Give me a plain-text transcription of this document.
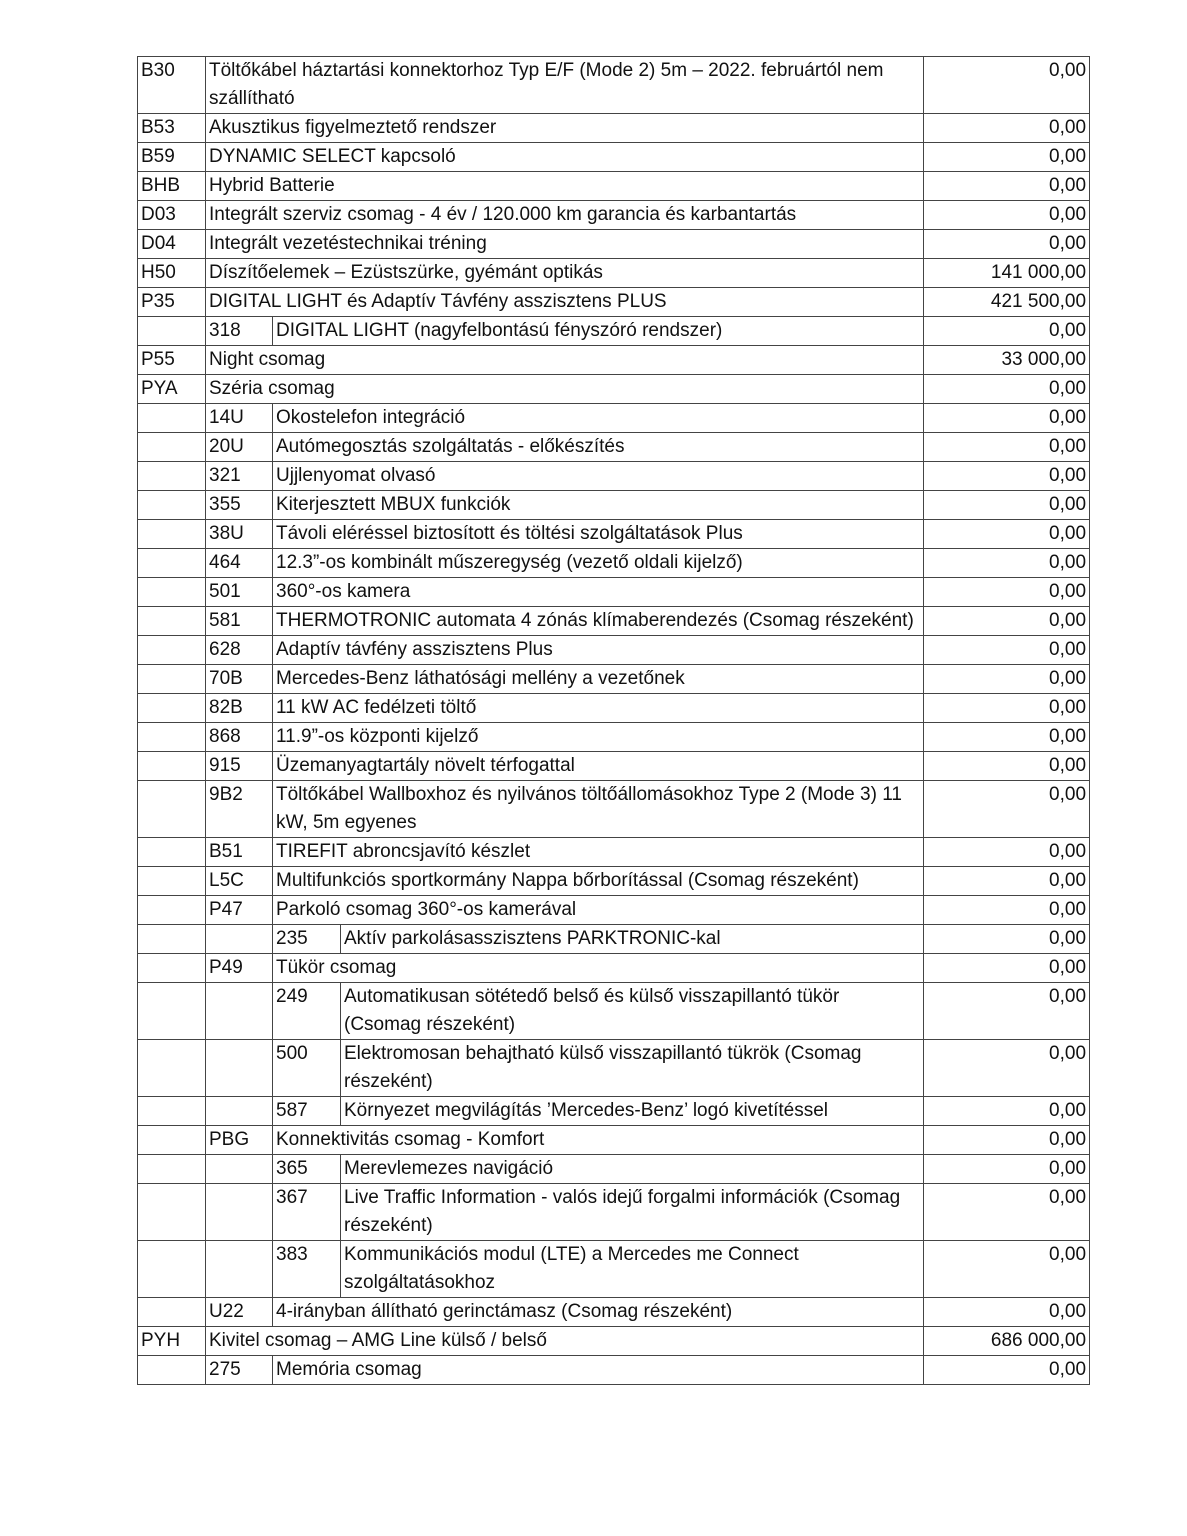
B30	Töltőkábel háztartási konnektorhoz Typ E/F (Mode 2) 5m – 2022. februártól nem szállítható			0,00
B53	Akusztikus figyelmeztető rendszer			0,00
B59	DYNAMIC SELECT kapcsoló			0,00
BHB	Hybrid Batterie			0,00
D03	Integrált szerviz csomag - 4 év / 120.000 km garancia és karbantartás			0,00
D04	Integrált vezetéstechnikai tréning			0,00
H50	Díszítőelemek – Ezüstszürke, gyémánt optikás			141 000,00
P35	DIGITAL LIGHT és Adaptív Távfény asszisztens PLUS			421 500,00
	318	DIGITAL LIGHT (nagyfelbontású fényszóró rendszer)		0,00
P55	Night csomag			33 000,00
PYA	Széria csomag			0,00
	14U	Okostelefon integráció		0,00
	20U	Autómegosztás szolgáltatás - előkészítés		0,00
	321	Ujjlenyomat olvasó		0,00
	355	Kiterjesztett MBUX funkciók		0,00
	38U	Távoli eléréssel biztosított és töltési szolgáltatások Plus		0,00
	464	12.3”-os kombinált műszeregység (vezető oldali kijelző)		0,00
	501	360°-os kamera		0,00
	581	THERMOTRONIC automata 4 zónás klímaberendezés (Csomag részeként)		0,00
	628	Adaptív távfény asszisztens Plus		0,00
	70B	Mercedes-Benz láthatósági mellény a vezetőnek		0,00
	82B	11 kW AC fedélzeti töltő		0,00
	868	11.9”-os központi kijelző		0,00
	915	Üzemanyagtartály növelt térfogattal		0,00
	9B2	Töltőkábel Wallboxhoz és nyilvános töltőállomásokhoz Type 2 (Mode 3) 11 kW, 5m egyenes		0,00
	B51	TIREFIT abroncsjavító készlet		0,00
	L5C	Multifunkciós sportkormány Nappa bőrborítással (Csomag részeként)		0,00
	P47	Parkoló csomag 360°-os kamerával		0,00
		235	Aktív parkolásasszisztens PARKTRONIC-kal	0,00
	P49	Tükör csomag		0,00
		249	Automatikusan sötétedő belső és külső visszapillantó tükör (Csomag részeként)	0,00
		500	Elektromosan behajtható külső visszapillantó tükrök (Csomag részeként)	0,00
		587	Környezet megvilágítás ’Mercedes-Benz’ logó kivetítéssel	0,00
	PBG	Konnektivitás csomag - Komfort		0,00
		365	Merevlemezes navigáció	0,00
		367	Live Traffic Information - valós idejű forgalmi információk (Csomag részeként)	0,00
		383	Kommunikációs modul (LTE) a Mercedes me Connect szolgáltatásokhoz	0,00
	U22	4-irányban állítható gerinctámasz (Csomag részeként)		0,00
PYH	Kivitel csomag – AMG Line külső / belső			686 000,00
	275	Memória csomag		0,00
